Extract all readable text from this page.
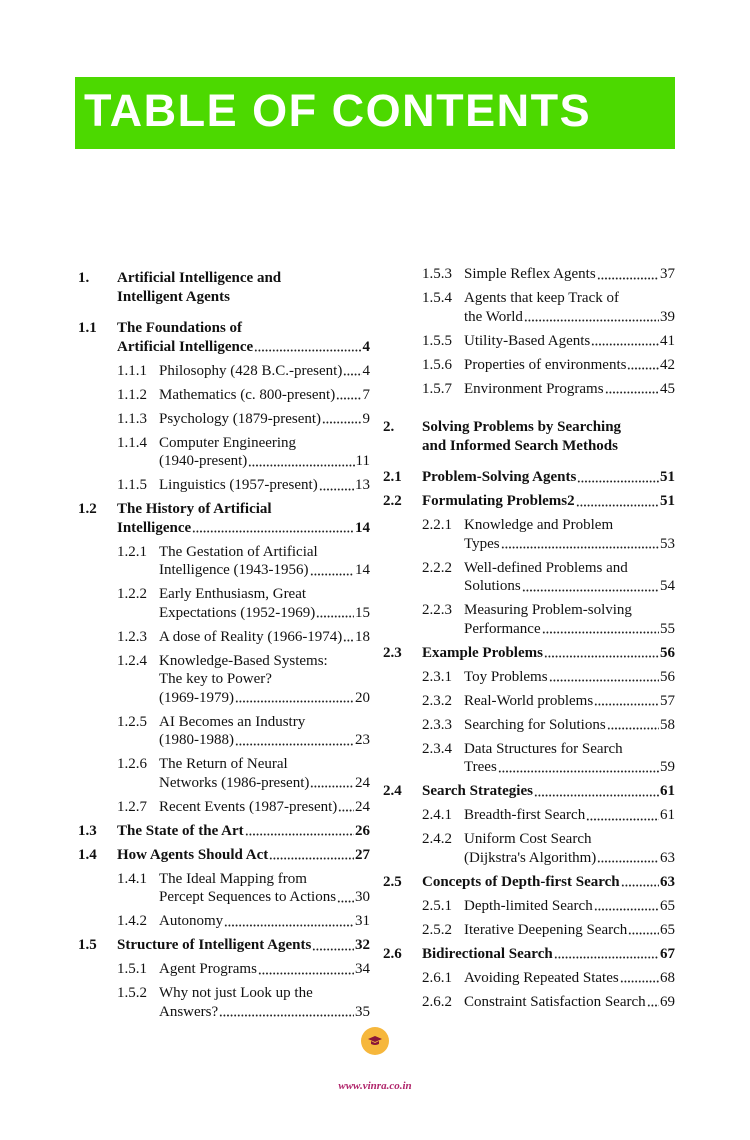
TABLE OF CONTENTS
1.	Artificial Intelligence and
Intelligent Agents
1.1	The Foundations of
Artificial Intelligence	4
1.1.1 Philosophy (428 B.C.-present) 4
1.1.2 Mathematics (c. 800-present) 7
1.1.3 Psychology (1879-present)	9
1.1.4 Computer Engineering
(1940-present)	11
1.1.5 Linguistics (1957-present) 13
1.2	The History of Artificial
Intelligence	14
1.2.1 The Gestation of Artificial
Intelligence (1943-1956)	14
1.2.2 Early Enthusiasm, Great
Expectations (1952-1969)	15
1.2.3 A dose of Reality (1966-1974) 18
1.2.4 Knowledge-Based Systems:
The key to Power?
(1969-1979)	20
1.2.5 AI Becomes an Industry
(1980-1988)	23
1.2.6 The Return of Neural
Networks (1986-present)	24
1.2.7 Recent Events (1987-present) 24
1.3	The State of the Art	26
1.4	How Agents Should Act	27
1.4.1 The Ideal Mapping from
Percept Sequences to Actions 30
1.4.2 Autonomy	31
1.5	Structure of Intelligent Agents	32
1.5.1 Agent Programs	34
1.5.2 Why not just Look up the
Answers?	35
1.5.3 Simple Reflex Agents	37
1.5.4 Agents that keep Track of
the World	39
1.5.5 Utility-Based Agents	41
1.5.6 Properties of environments 42
1.5.7 Environment Programs	45
2.	Solving Problems by Searching
and Informed Search Methods
2.1	Problem-Solving Agents	51
2.2	Formulating Problems2	51
2.2.1 Knowledge and Problem
Types	53
2.2.2 Well-defined Problems and
Solutions	54
2.2.3 Measuring Problem-solving
Performance	55
2.3	Example Problems	56
2.3.1 Toy Problems	56
2.3.2 Real-World problems	57
2.3.3 Searching for Solutions	58
2.3.4 Data Structures for Search
Trees	59
2.4	Search Strategies	61
2.4.1 Breadth-first Search	61
2.4.2 Uniform Cost Search
(Dijkstra's Algorithm)	63
2.5	Concepts of Depth-first Search	63
2.5.1 Depth-limited Search	65
2.5.2 Iterative Deepening Search 65
2.6	Bidirectional Search	67
2.6.1 Avoiding Repeated States	68
2.6.2 Constraint Satisfaction Search 69
www.vinra.co.in
